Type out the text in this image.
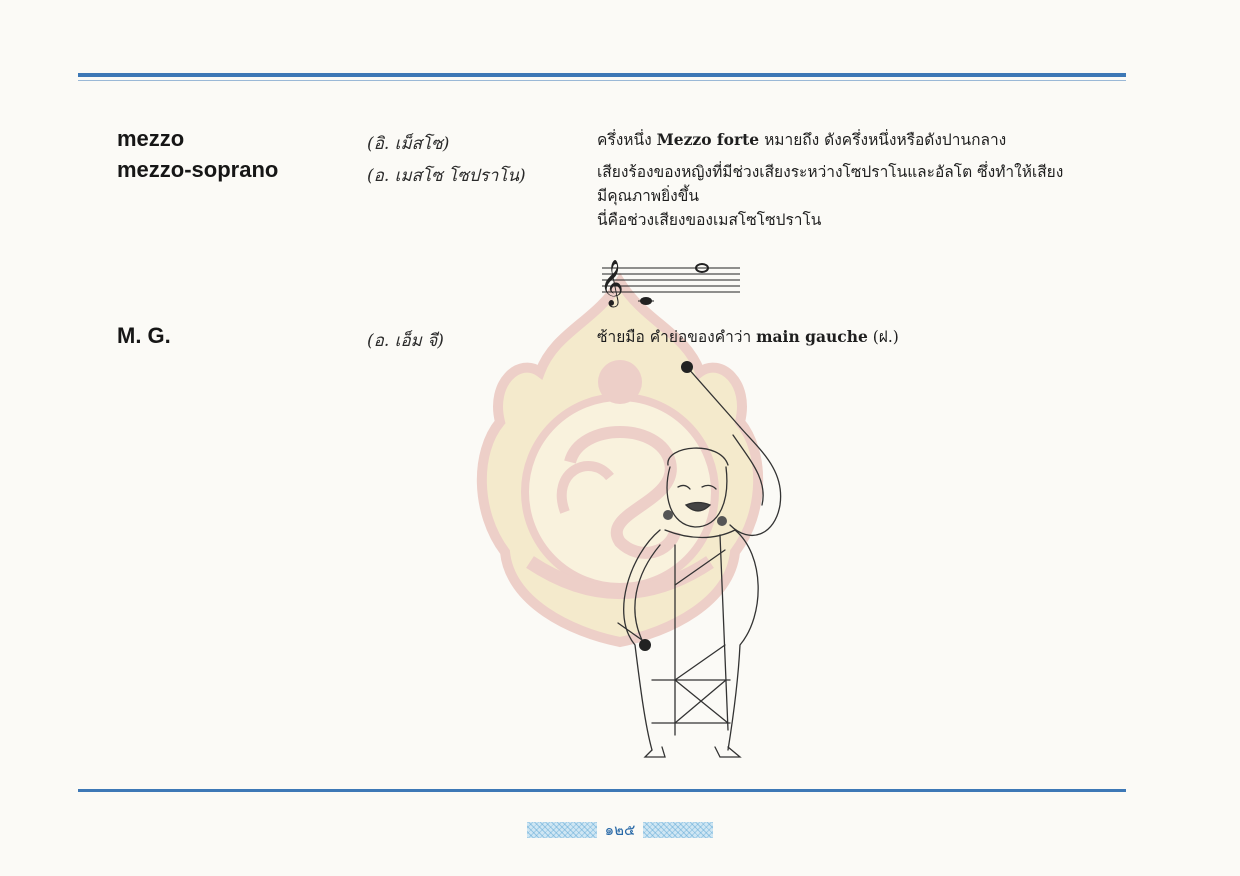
mezzo	(อิ. เม็สโซ)	ครึ่งหนึ่ง Mezzo forte หมายถึง ดังครึ่งหนึ่งหรือดังปานกลาง
mezzo-soprano	(อ. เมสโซ โซปราโน)	เสียงร้องของหญิงที่มีช่วงเสียงระหว่างโซปราโนและอัลโต ซึ่งทำให้เสียง
มีคุณภาพยิ่งขึ้น
นี่คือช่วงเสียงของเมสโซโซปราโน
𝄞
M. G.	(อ. เอ็ม จี)	ซ้ายมือ คำย่อของคำว่า main gauche (ฝ.)
๑๒๕
